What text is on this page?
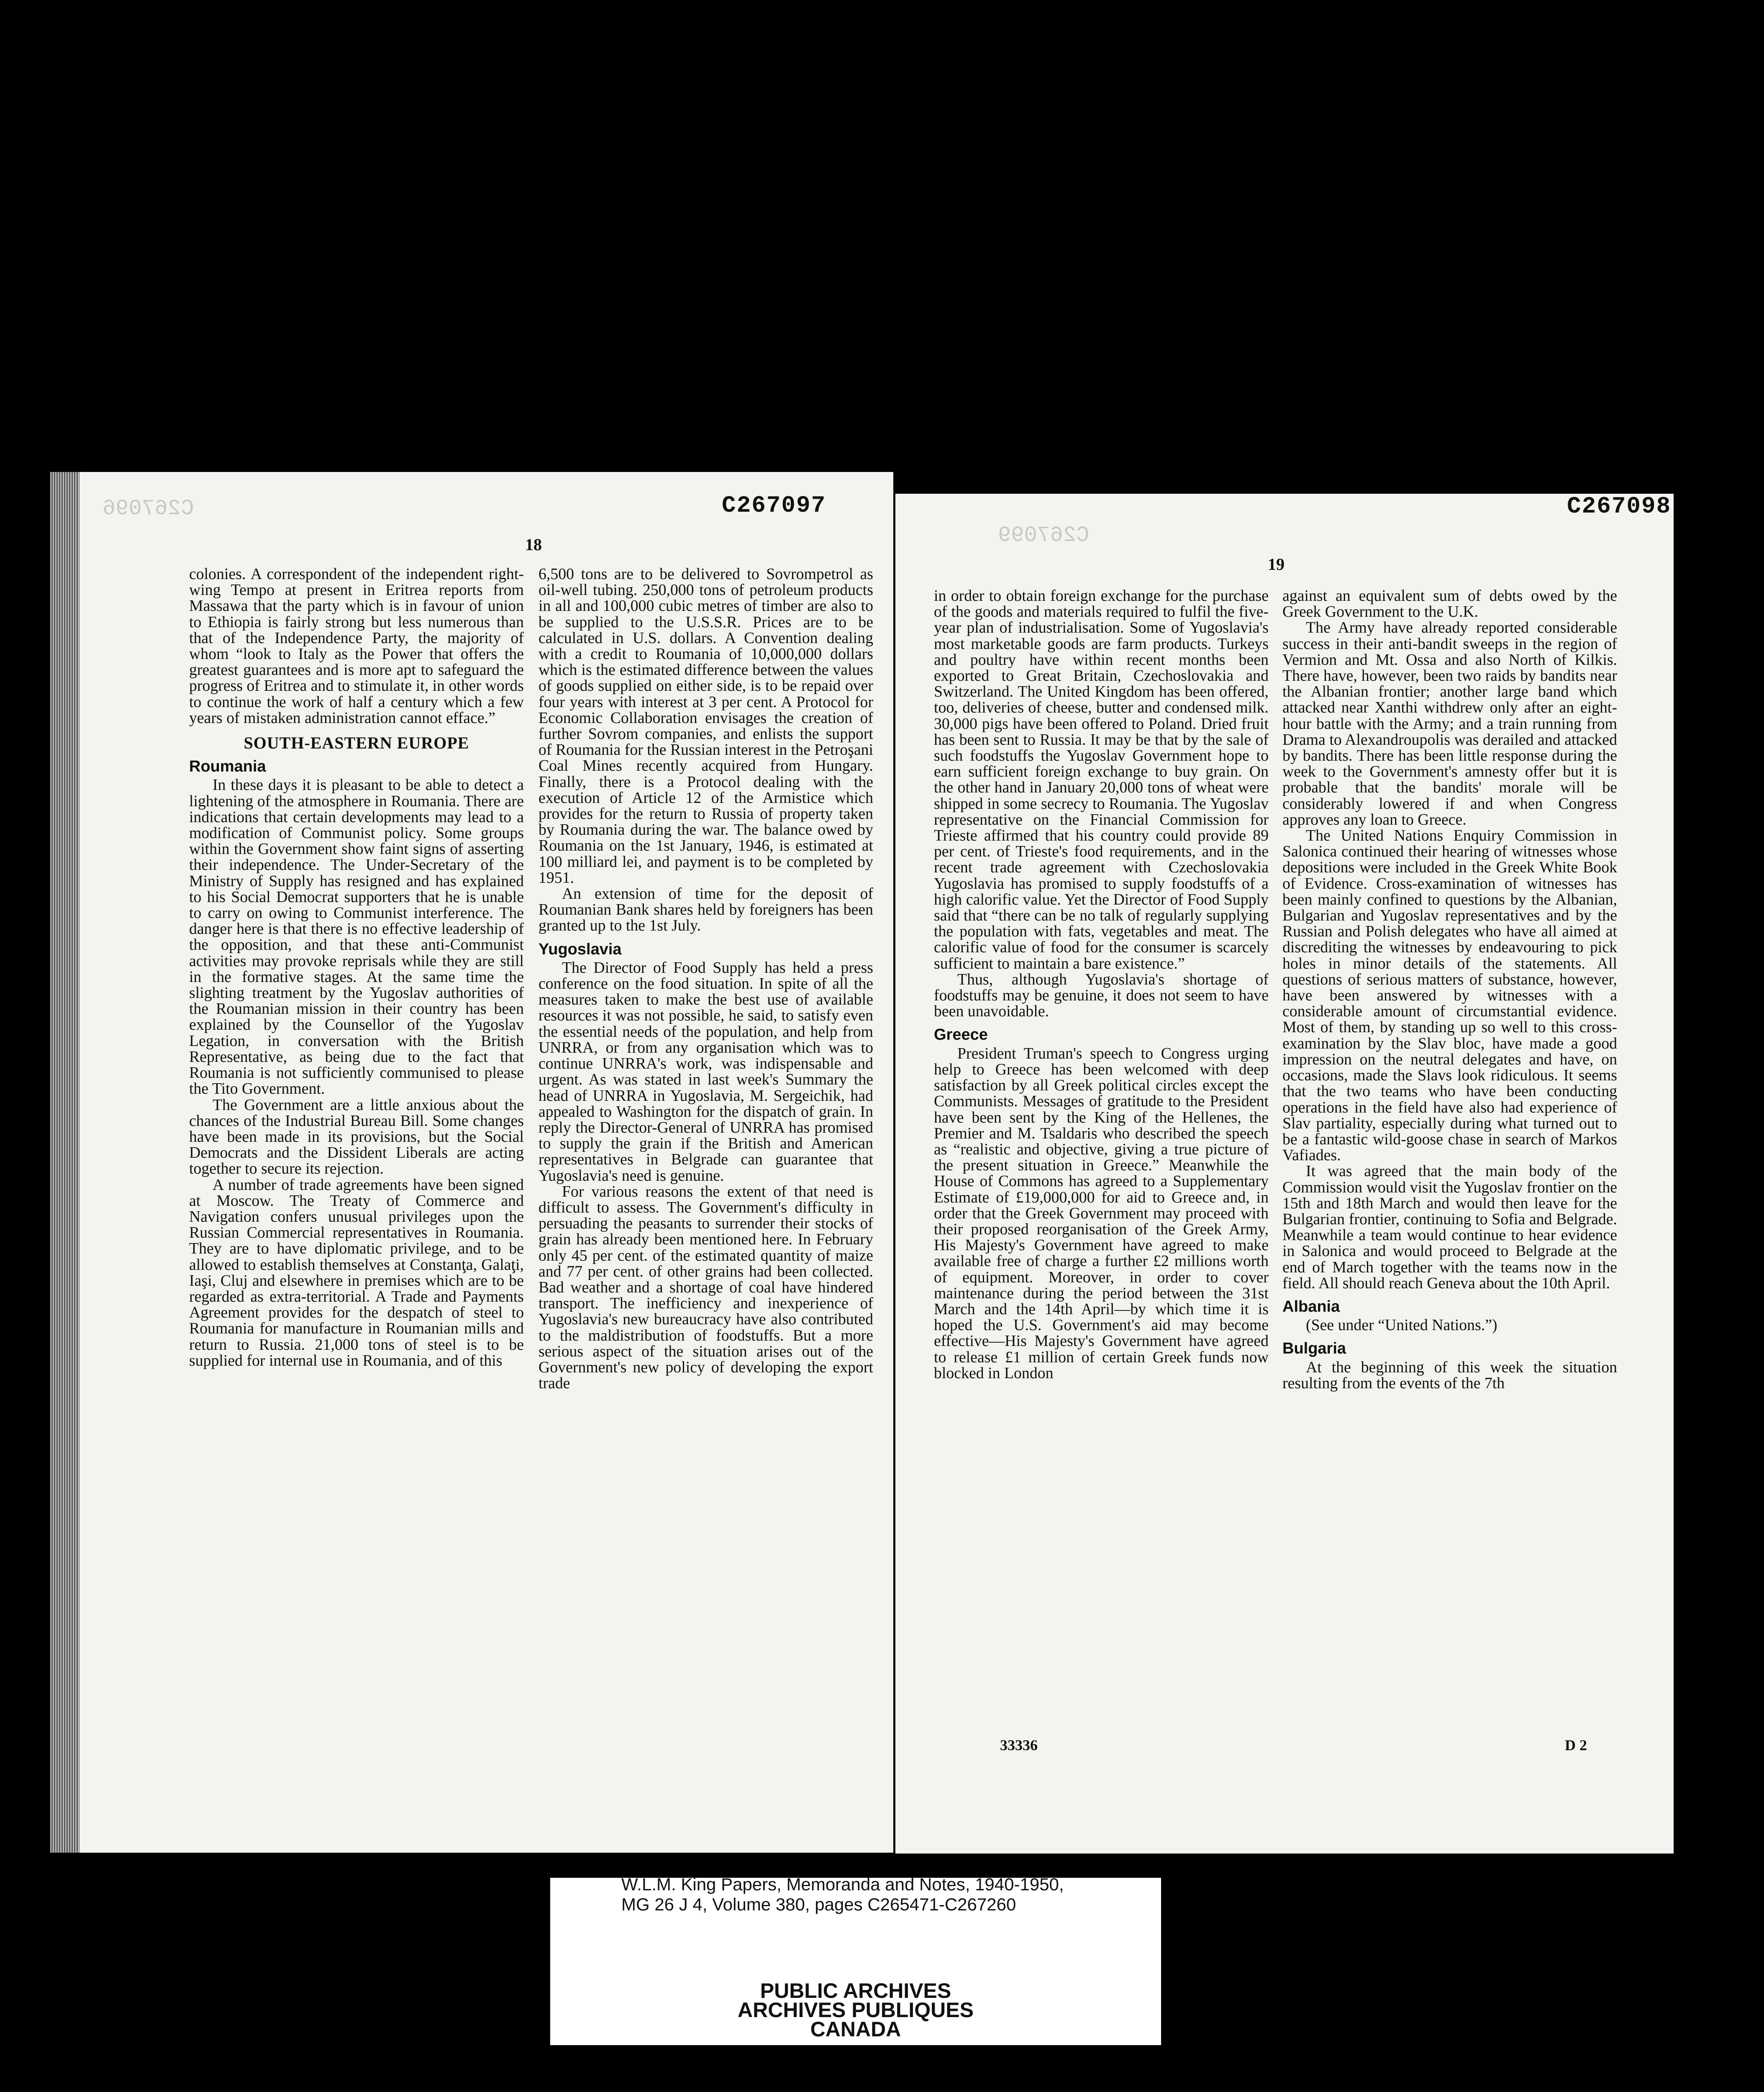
C267096	C267097
18

colonies. A correspondent of the independent right-wing Tempo at present in Eritrea reports from Massawa that the party which is in favour of union to Ethiopia is fairly strong but less numerous than that of the Independence Party, the majority of whom “look to Italy as the Power that offers the greatest guarantees and is more apt to safeguard the progress of Eritrea and to stimulate it, in other words to continue the work of half a century which a few years of mistaken administration cannot efface.”

SOUTH-EASTERN EUROPE
Roumania

In these days it is pleasant to be able to detect a lightening of the atmosphere in Roumania. There are indications that certain developments may lead to a modification of Communist policy. Some groups within the Government show faint signs of asserting their independence. The Under-Secretary of the Ministry of Supply has resigned and has explained to his Social Democrat supporters that he is unable to carry on owing to Communist interference. The danger here is that there is no effective leadership of the opposition, and that these anti-Communist activities may provoke reprisals while they are still in the formative stages. At the same time the slighting treatment by the Yugoslav authorities of the Roumanian mission in their country has been explained by the Counsellor of the Yugoslav Legation, in conversation with the British Representative, as being due to the fact that Roumania is not sufficiently communised to please the Tito Government.

The Government are a little anxious about the chances of the Industrial Bureau Bill. Some changes have been made in its provisions, but the Social Democrats and the Dissident Liberals are acting together to secure its rejection.

A number of trade agreements have been signed at Moscow. The Treaty of Commerce and Navigation confers unusual privileges upon the Russian Commercial representatives in Roumania. They are to have diplomatic privilege, and to be allowed to establish themselves at Constanţa, Galaţi, Iaşi, Cluj and elsewhere in premises which are to be regarded as extra-territorial. A Trade and Payments Agreement provides for the despatch of steel to Roumania for manufacture in Roumanian mills and return to Russia. 21,000 tons of steel is to be supplied for internal use in Roumania, and of this

6,500 tons are to be delivered to Sovrompetrol as oil-well tubing. 250,000 tons of petroleum products in all and 100,000 cubic metres of timber are also to be supplied to the U.S.S.R. Prices are to be calculated in U.S. dollars. A Convention dealing with a credit to Roumania of 10,000,000 dollars which is the estimated difference between the values of goods supplied on either side, is to be repaid over four years with interest at 3 per cent. A Protocol for Economic Collaboration envisages the creation of further Sovrom companies, and enlists the support of Roumania for the Russian interest in the Petroşani Coal Mines recently acquired from Hungary. Finally, there is a Protocol dealing with the execution of Article 12 of the Armistice which provides for the return to Russia of property taken by Roumania during the war. The balance owed by Roumania on the 1st January, 1946, is estimated at 100 milliard lei, and payment is to be completed by 1951.

An extension of time for the deposit of Roumanian Bank shares held by foreigners has been granted up to the 1st July.

Yugoslavia

The Director of Food Supply has held a press conference on the food situation. In spite of all the measures taken to make the best use of available resources it was not possible, he said, to satisfy even the essential needs of the population, and help from UNRRA, or from any organisation which was to continue UNRRA's work, was indispensable and urgent. As was stated in last week's Summary the head of UNRRA in Yugoslavia, M. Sergeichik, had appealed to Washington for the dispatch of grain. In reply the Director-General of UNRRA has promised to supply the grain if the British and American representatives in Belgrade can guarantee that Yugoslavia's need is genuine.

For various reasons the extent of that need is difficult to assess. The Government's difficulty in persuading the peasants to surrender their stocks of grain has already been mentioned here. In February only 45 per cent. of the estimated quantity of maize and 77 per cent. of other grains had been collected. Bad weather and a shortage of coal have hindered transport. The inefficiency and inexperience of Yugoslavia's new bureaucracy have also contributed to the maldistribution of foodstuffs. But a more serious aspect of the situation arises out of the Government's new policy of developing the export trade

C267099
C267098
19

in order to obtain foreign exchange for the purchase of the goods and materials required to fulfil the five-year plan of industrialisation. Some of Yugoslavia's most marketable goods are farm products. Turkeys and poultry have within recent months been exported to Great Britain, Czechoslovakia and Switzerland. The United Kingdom has been offered, too, deliveries of cheese, butter and condensed milk. 30,000 pigs have been offered to Poland. Dried fruit has been sent to Russia. It may be that by the sale of such foodstuffs the Yugoslav Government hope to earn sufficient foreign exchange to buy grain. On the other hand in January 20,000 tons of wheat were shipped in some secrecy to Roumania. The Yugoslav representative on the Financial Commission for Trieste affirmed that his country could provide 89 per cent. of Trieste's food requirements, and in the recent trade agreement with Czechoslovakia Yugoslavia has promised to supply foodstuffs of a high calorific value. Yet the Director of Food Supply said that “there can be no talk of regularly supplying the population with fats, vegetables and meat. The calorific value of food for the consumer is scarcely sufficient to maintain a bare existence.”

Thus, although Yugoslavia's shortage of foodstuffs may be genuine, it does not seem to have been unavoidable.

Greece

President Truman's speech to Congress urging help to Greece has been welcomed with deep satisfaction by all Greek political circles except the Communists. Messages of gratitude to the President have been sent by the King of the Hellenes, the Premier and M. Tsaldaris who described the speech as “realistic and objective, giving a true picture of the present situation in Greece.” Meanwhile the House of Commons has agreed to a Supplementary Estimate of £19,000,000 for aid to Greece and, in order that the Greek Government may proceed with their proposed reorganisation of the Greek Army, His Majesty's Government have agreed to make available free of charge a further £2 millions worth of equipment. Moreover, in order to cover maintenance during the period between the 31st March and the 14th April—by which time it is hoped the U.S. Government's aid may become effective—His Majesty's Government have agreed to release £1 million of certain Greek funds now blocked in London

against an equivalent sum of debts owed by the Greek Government to the U.K.

The Army have already reported considerable success in their anti-bandit sweeps in the region of Vermion and Mt. Ossa and also North of Kilkis. There have, however, been two raids by bandits near the Albanian frontier; another large band which attacked near Xanthi withdrew only after an eight-hour battle with the Army; and a train running from Drama to Alexandroupolis was derailed and attacked by bandits. There has been little response during the week to the Government's amnesty offer but it is probable that the bandits' morale will be considerably lowered if and when Congress approves any loan to Greece.

The United Nations Enquiry Commission in Salonica continued their hearing of witnesses whose depositions were included in the Greek White Book of Evidence. Cross-examination of witnesses has been mainly confined to questions by the Albanian, Bulgarian and Yugoslav representatives and by the Russian and Polish delegates who have all aimed at discrediting the witnesses by endeavouring to pick holes in minor details of the statements. All questions of serious matters of substance, however, have been answered by witnesses with a considerable amount of circumstantial evidence. Most of them, by standing up so well to this cross-examination by the Slav bloc, have made a good impression on the neutral delegates and have, on occasions, made the Slavs look ridiculous. It seems that the two teams who have been conducting operations in the field have also had experience of Slav partiality, especially during what turned out to be a fantastic wild-goose chase in search of Markos Vafiades.

It was agreed that the main body of the Commission would visit the Yugoslav frontier on the 15th and 18th March and would then leave for the Bulgarian frontier, continuing to Sofia and Belgrade. Meanwhile a team would continue to hear evidence in Salonica and would proceed to Belgrade at the end of March together with the teams now in the field. All should reach Geneva about the 10th April.

Albania

(See under “United Nations.”)

Bulgaria

At the beginning of this week the situation resulting from the events of the 7th

33336	D 2
W.L.M. King Papers, Memoranda and Notes, 1940-1950,
MG 26 J 4, Volume 380, pages C265471-C267260
PUBLIC ARCHIVES
ARCHIVES PUBLIQUES
CANADA
